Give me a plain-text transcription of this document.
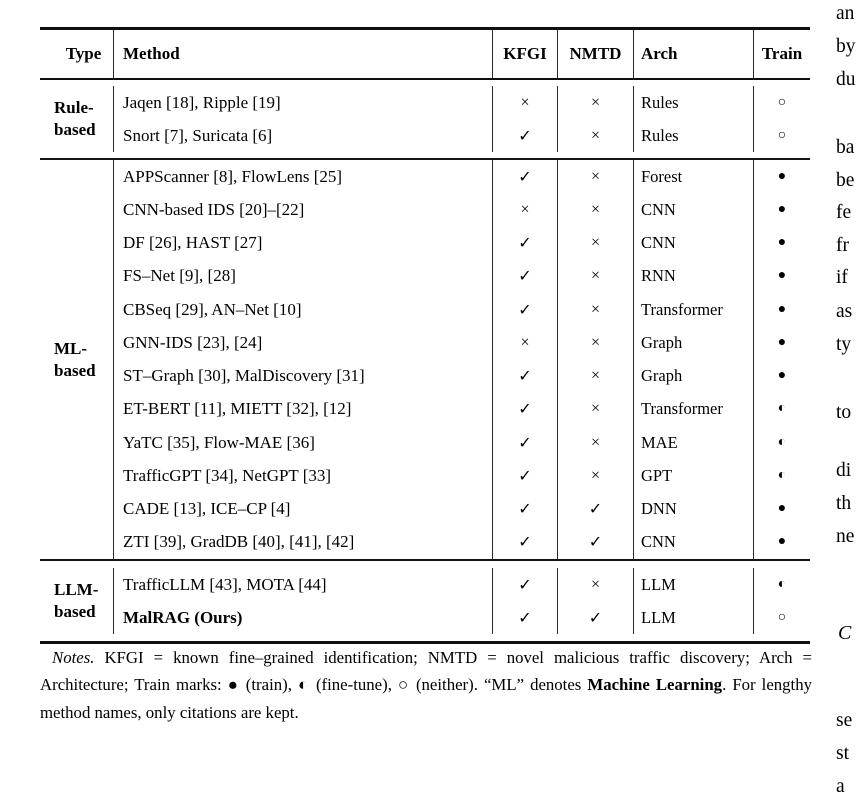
Type	Method	KFGI	NMTD	Arch	Train
Rule-
based
Jaqen [18], Ripple [19]	×	×	Rules	○
Snort [7], Suricata [6]	✓	×	Rules	○
ML-
based
APPScanner [8], FlowLens [25]	✓	×	Forest	●
CNN-based IDS [20]–[22]	×	×	CNN	●
DF [26], HAST [27]	✓	×	CNN	●
FS–Net [9], [28]	✓	×	RNN	●
CBSeq [29], AN–Net [10]	✓	×	Transformer	●
GNN-IDS [23], [24]	×	×	Graph	●
ST–Graph [30], MalDiscovery [31]	✓	×	Graph	●
ET-BERT [11], MIETT [32], [12]	✓	×	Transformer	◐
YaTC [35], Flow-MAE [36]	✓	×	MAE	◐
TrafficGPT [34], NetGPT [33]	✓	×	GPT	◐
CADE [13], ICE–CP [4]	✓	✓	DNN	●
ZTI [39], GradDB [40], [41], [42]	✓	✓	CNN	●
LLM-
based
TrafficLLM [43], MOTA [44]	✓	×	LLM	◐
MalRAG (Ours)	✓	✓	LLM	○

Notes. KFGI = known fine–grained identification; NMTD = novel malicious traffic discovery; Arch = Architecture; Train marks: ● (train), ◐ (fine-tune), ○ (neither). “ML” denotes Machine Learning. For lengthy method names, only citations are kept.

an
by
du
ba
be
fe
fr
if
as
ty
to
di
th
ne
C
se
st
a
